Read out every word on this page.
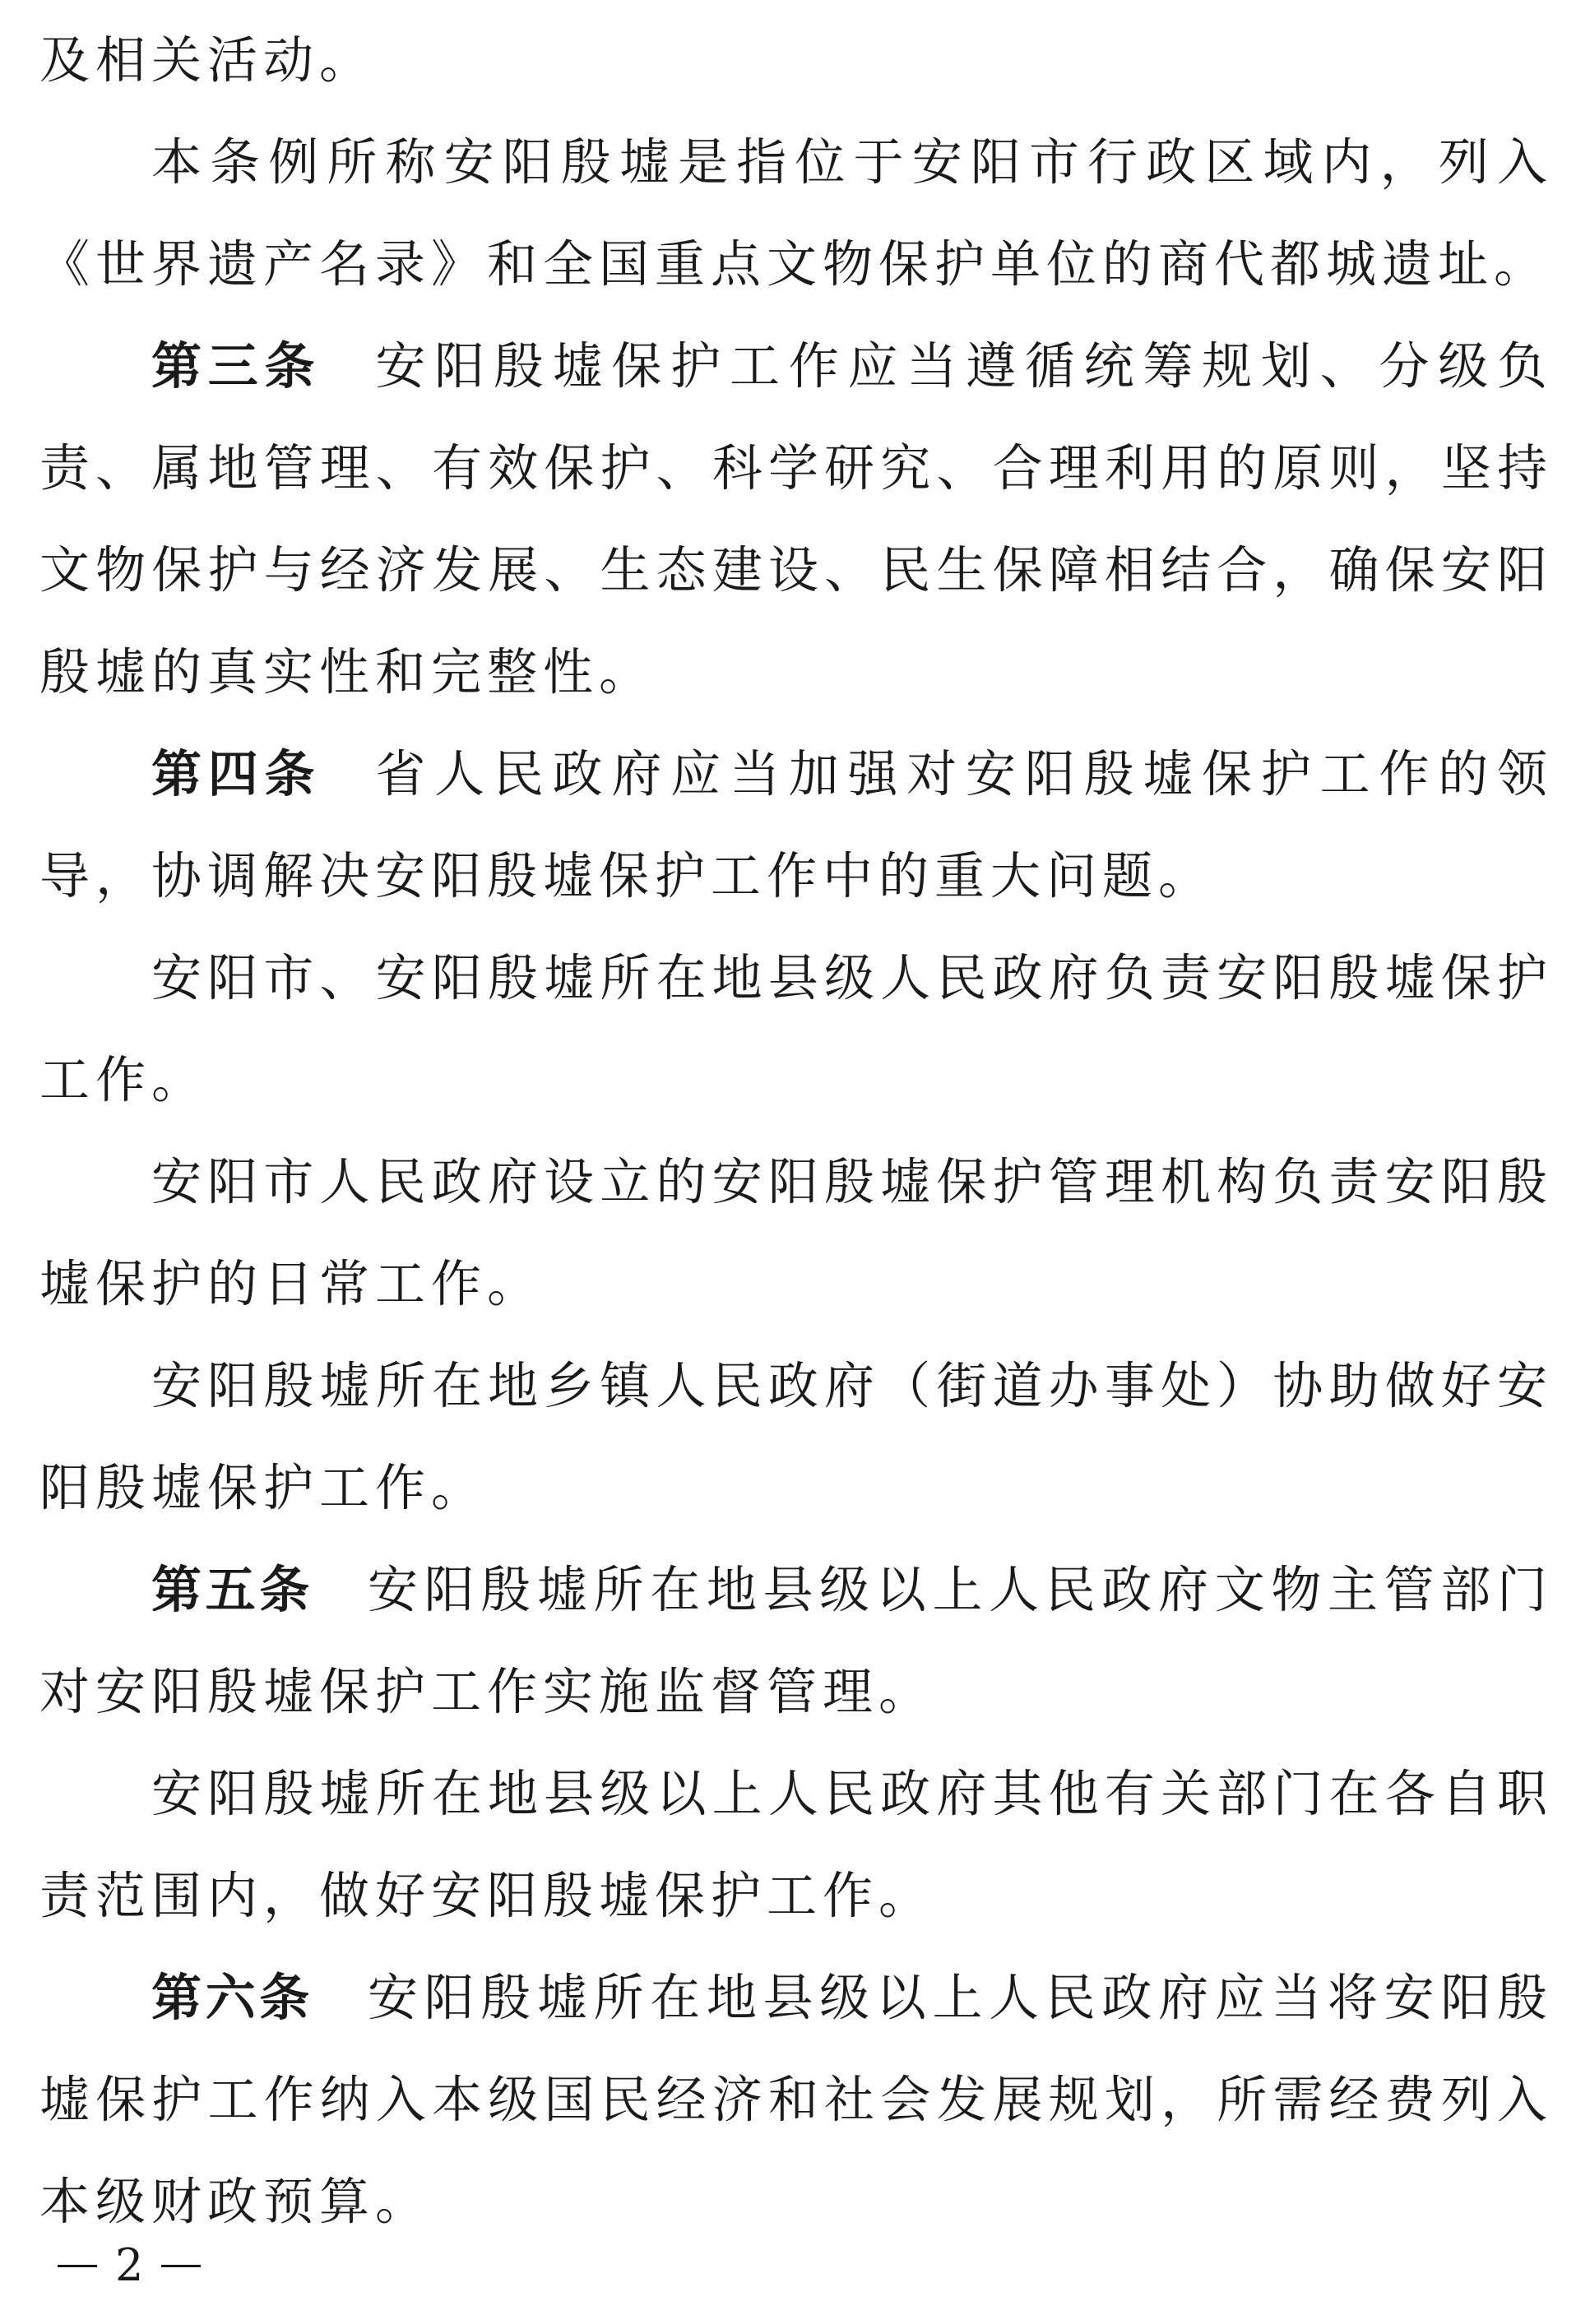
及相关活动。

本条例所称安阳殷墟是指位于安阳市行政区域内，列入《世界遗产名录》和全国重点文物保护单位的商代都城遗址。

第三条 安阳殷墟保护工作应当遵循统筹规划、分级负责、属地管理、有效保护、科学研究、合理利用的原则，坚持文物保护与经济发展、生态建设、民生保障相结合，确保安阳殷墟的真实性和完整性。

第四条 省人民政府应当加强对安阳殷墟保护工作的领导，协调解决安阳殷墟保护工作中的重大问题。

安阳市、安阳殷墟所在地县级人民政府负责安阳殷墟保护工作。

安阳市人民政府设立的安阳殷墟保护管理机构负责安阳殷墟保护的日常工作。

安阳殷墟所在地乡镇人民政府（街道办事处）协助做好安阳殷墟保护工作。

第五条 安阳殷墟所在地县级以上人民政府文物主管部门对安阳殷墟保护工作实施监督管理。

安阳殷墟所在地县级以上人民政府其他有关部门在各自职责范围内，做好安阳殷墟保护工作。

第六条 安阳殷墟所在地县级以上人民政府应当将安阳殷墟保护工作纳入本级国民经济和社会发展规划，所需经费列入本级财政预算。

2
